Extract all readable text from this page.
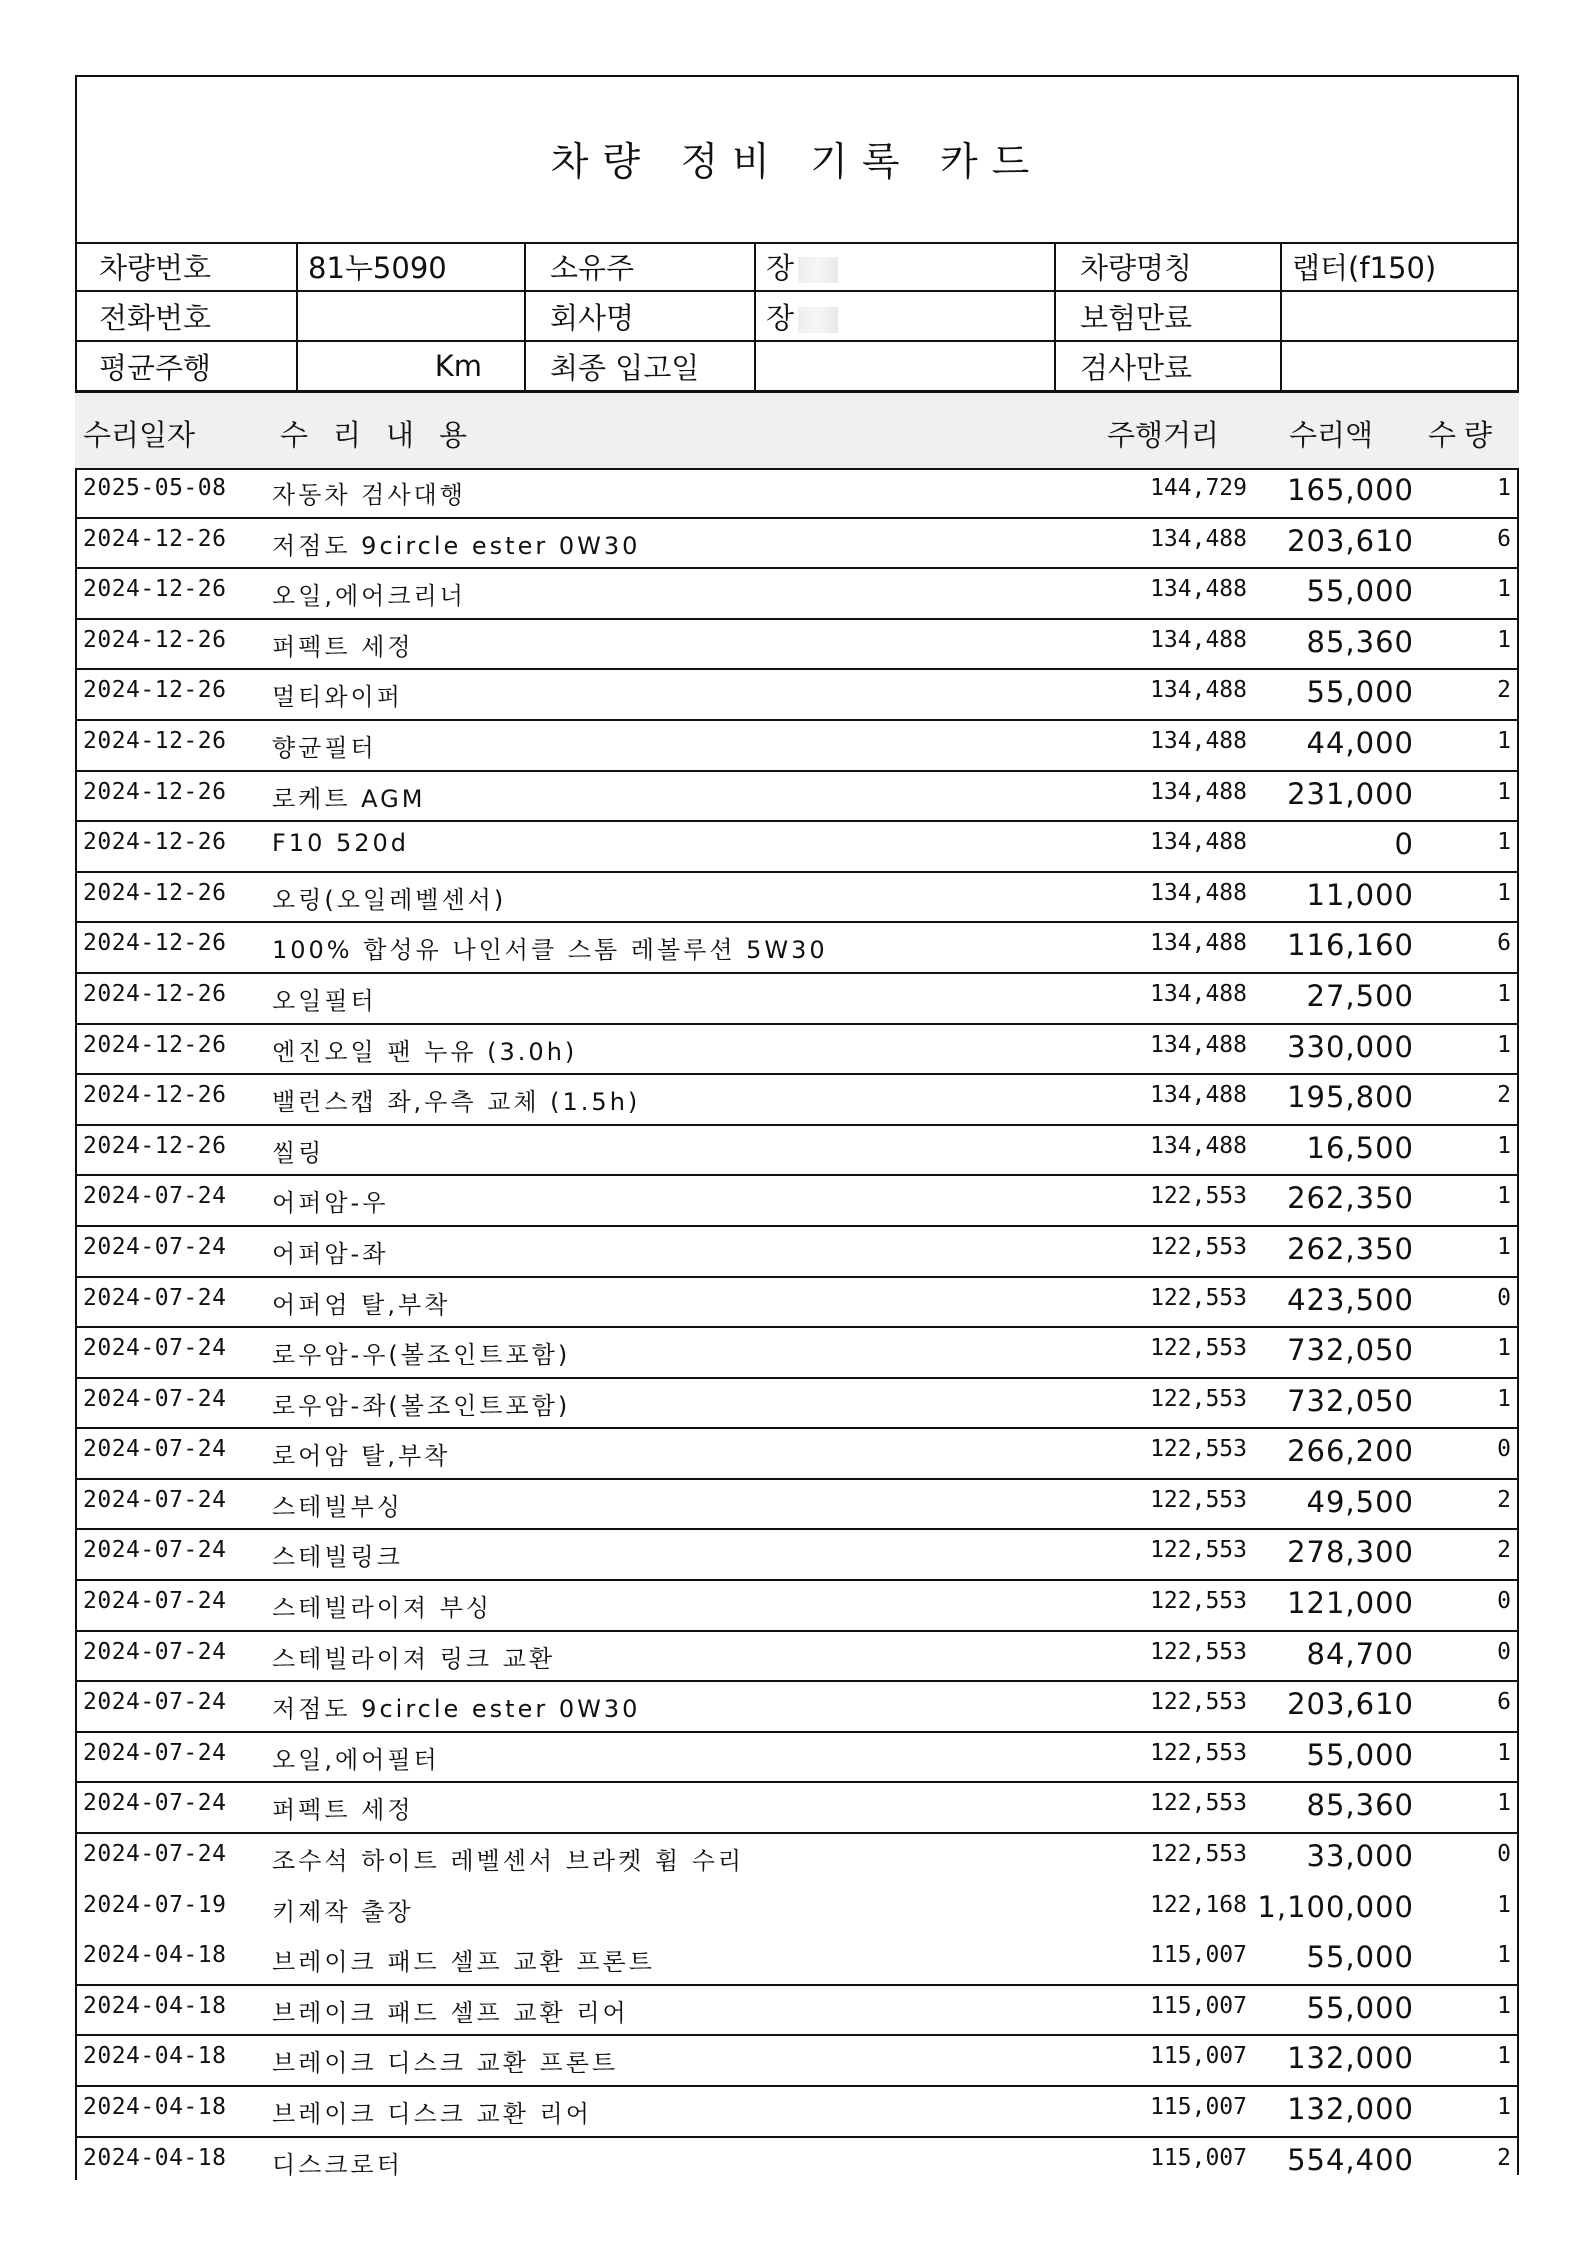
차량 정비 기록 카드
차량번호	81누5090	소유주	장	차량명칭	랩터(f150)
전화번호		회사명	장	보험만료	
평균주행	Km	최종 입고일		검사만료	
수리일자	수리내용	주행거리 수리액 수량
2025-05-08 자동차 검사대행	144,729 165,000	1
2024-12-26 저점도 9circle ester 0W30	134,488 203,610	6
2024-12-26 오일,에어크리너	134,488 55,000	1
2024-12-26 퍼펙트 세정	134,488 85,360	1
2024-12-26 멀티와이퍼	134,488 55,000	2
2024-12-26 향균필터	134,488 44,000	1
2024-12-26 로케트 AGM	134,488 231,000	1
2024-12-26 F10 520d	134,488	0	1
2024-12-26 오링(오일레벨센서)	134,488 11,000	1
2024-12-26 100% 합성유 나인서클 스톰 레볼루션 5W30	134,488 116,160	6
2024-12-26 오일필터	134,488 27,500	1
2024-12-26 엔진오일 팬 누유 (3.0h)	134,488 330,000	1
2024-12-26 밸런스캡 좌,우측 교체 (1.5h)	134,488 195,800	2
2024-12-26 씰링	134,488 16,500	1
2024-07-24 어퍼암-우	122,553 262,350	1
2024-07-24 어퍼암-좌	122,553 262,350	1
2024-07-24 어퍼엄 탈,부착	122,553 423,500	0
2024-07-24 로우암-우(볼조인트포함)	122,553 732,050	1
2024-07-24 로우암-좌(볼조인트포함)	122,553 732,050	1
2024-07-24 로어암 탈,부착	122,553 266,200	0
2024-07-24 스테빌부싱	122,553 49,500	2
2024-07-24 스테빌링크	122,553 278,300	2
2024-07-24 스테빌라이져 부싱	122,553 121,000	0
2024-07-24 스테빌라이져 링크 교환	122,553 84,700	0
2024-07-24 저점도 9circle ester 0W30	122,553 203,610	6
2024-07-24 오일,에어필터	122,553 55,000	1
2024-07-24 퍼펙트 세정	122,553 85,360	1
2024-07-24 조수석 하이트 레벨센서 브라켓 휨 수리	122,553 33,000	0
2024-07-19 키제작 출장	122,168 1,100,000	1
2024-04-18 브레이크 패드 셀프 교환 프론트	115,007 55,000	1
2024-04-18 브레이크 패드 셀프 교환 리어	115,007 55,000	1
2024-04-18 브레이크 디스크 교환 프론트	115,007 132,000	1
2024-04-18 브레이크 디스크 교환 리어	115,007 132,000	1
2024-04-18 디스크로터	115,007 554,400	2
